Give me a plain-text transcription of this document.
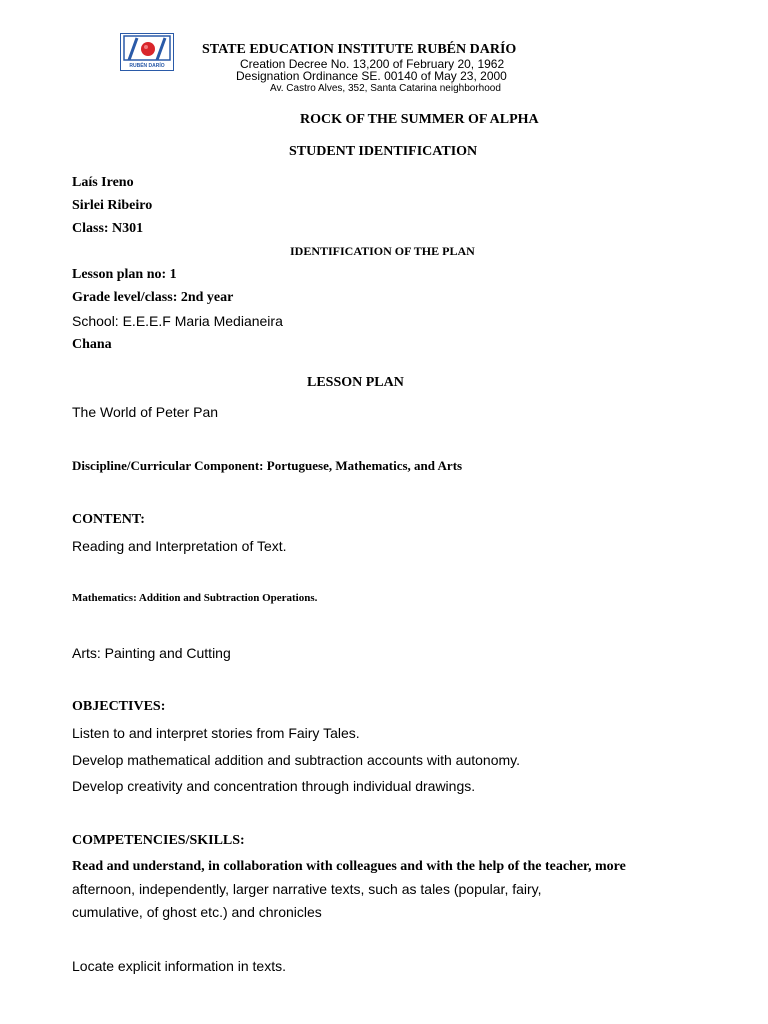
RUBÉN DARÍO
STATE EDUCATION INSTITUTE RUBÉN DARÍO
Creation Decree No. 13,200 of February 20, 1962
Designation Ordinance SE. 00140 of May 23, 2000
Av. Castro Alves, 352, Santa Catarina neighborhood
ROCK OF THE SUMMER OF ALPHA
STUDENT IDENTIFICATION
Laís Ireno
Sirlei Ribeiro
Class: N301
IDENTIFICATION OF THE PLAN
Lesson plan no: 1
Grade level/class: 2nd year
School: E.E.E.F Maria Medianeira
Chana
LESSON PLAN
The World of Peter Pan
Discipline/Curricular Component: Portuguese, Mathematics, and Arts
CONTENT:
Reading and Interpretation of Text.
Mathematics: Addition and Subtraction Operations.
Arts: Painting and Cutting
OBJECTIVES:
Listen to and interpret stories from Fairy Tales.
Develop mathematical addition and subtraction accounts with autonomy.
Develop creativity and concentration through individual drawings.
COMPETENCIES/SKILLS:
Read and understand, in collaboration with colleagues and with the help of the teacher, more
afternoon, independently, larger narrative texts, such as tales (popular, fairy,
cumulative, of ghost etc.) and chronicles
Locate explicit information in texts.
